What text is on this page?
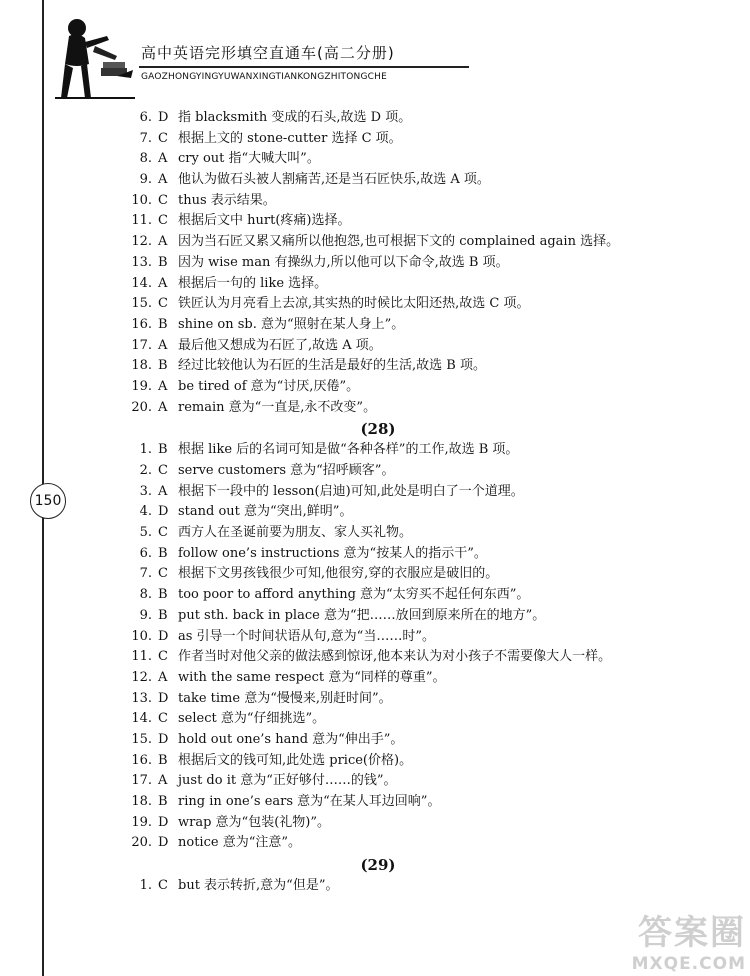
150
高中英语完形填空直通车(高二分册)
GAOZHONGYINGYUWANXINGTIANKONGZHITONGCHE
6. D 指 blacksmith 变成的石头,故选 D 项。
7. C 根据上文的 stone-cutter 选择 C 项。
8. A cry out 指“大喊大叫”。
9. A 他认为做石头被人割痛苦,还是当石匠快乐,故选 A 项。
10. C thus 表示结果。
11. C 根据后文中 hurt(疼痛)选择。
12. A 因为当石匠又累又痛所以他抱怨,也可根据下文的 complained again 选择。
13. B 因为 wise man 有操纵力,所以他可以下命令,故选 B 项。
14. A 根据后一句的 like 选择。
15. C 铁匠认为月亮看上去凉,其实热的时候比太阳还热,故选 C 项。
16. B shine on sb. 意为“照射在某人身上”。
17. A 最后他又想成为石匠了,故选 A 项。
18. B 经过比较他认为石匠的生活是最好的生活,故选 B 项。
19. A be tired of 意为“讨厌,厌倦”。
20. A remain 意为“一直是,永不改变”。
(28)
1. B 根据 like 后的名词可知是做“各种各样”的工作,故选 B 项。
2. C serve customers 意为“招呼顾客”。
3. A 根据下一段中的 lesson(启迪)可知,此处是明白了一个道理。
4. D stand out 意为“突出,鲜明”。
5. C 西方人在圣诞前要为朋友、家人买礼物。
6. B follow one’s instructions 意为“按某人的指示干”。
7. C 根据下文男孩钱很少可知,他很穷,穿的衣服应是破旧的。
8. B too poor to afford anything 意为“太穷买不起任何东西”。
9. B put sth. back in place 意为“把……放回到原来所在的地方”。
10. D as 引导一个时间状语从句,意为“当……时”。
11. C 作者当时对他父亲的做法感到惊讶,他本来认为对小孩子不需要像大人一样。
12. A with the same respect 意为“同样的尊重”。
13. D take time 意为“慢慢来,别赶时间”。
14. C select 意为“仔细挑选”。
15. D hold out one’s hand 意为“伸出手”。
16. B 根据后文的钱可知,此处选 price(价格)。
17. A just do it 意为“正好够付……的钱”。
18. B ring in one’s ears 意为“在某人耳边回响”。
19. D wrap 意为“包装(礼物)”。
20. D notice 意为“注意”。
(29)
1. C but 表示转折,意为“但是”。
答案圈
MXQE.COM
